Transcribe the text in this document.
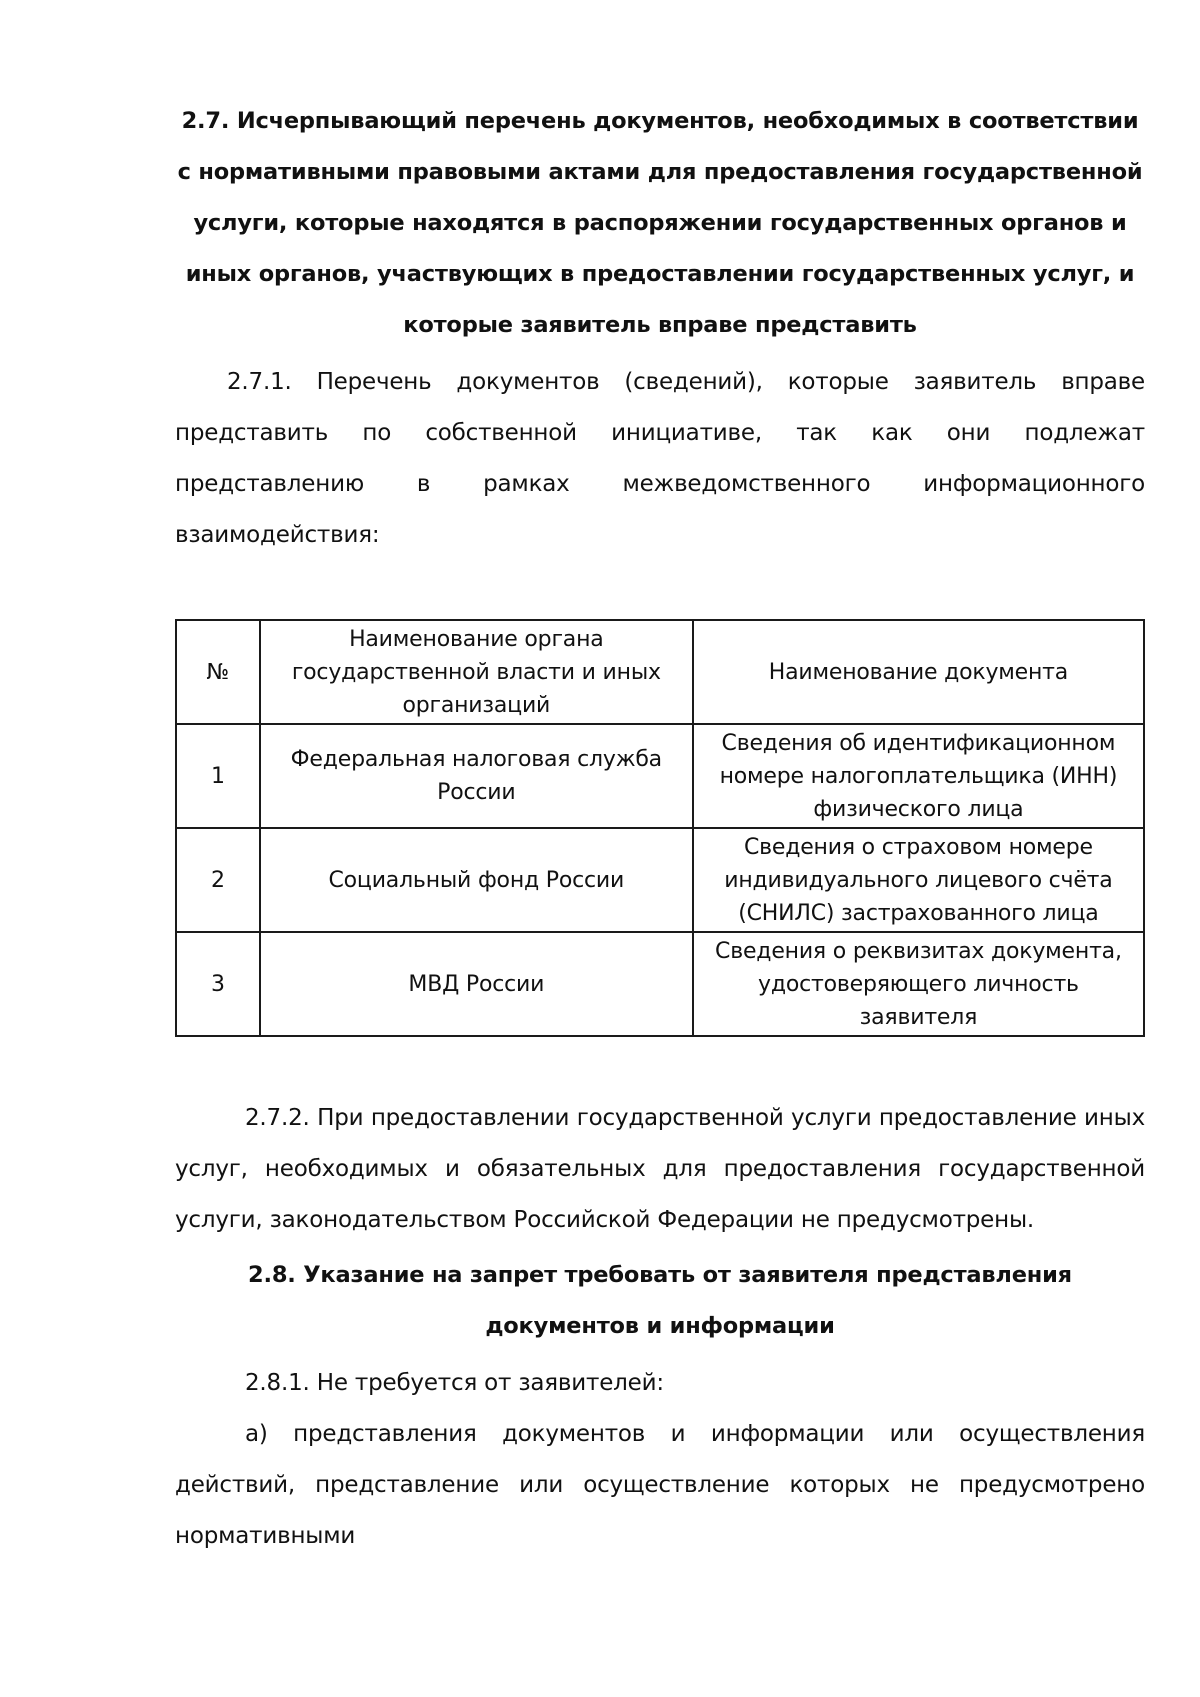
2.7. Исчерпывающий перечень документов, необходимых в соответствии с нормативными правовыми актами для предоставления государственной услуги, которые находятся в распоряжении государственных органов и иных органов, участвующих в предоставлении государственных услуг, и которые заявитель вправе представить

2.7.1. Перечень документов (сведений), которые заявитель вправе представить по собственной инициативе, так как они подлежат представлению в рамках межведомственного информационного взаимодействия:

№	Наименование органа государственной власти и иных организаций	Наименование документа
1	Федеральная налоговая служба России	Сведения об идентификационном номере налогоплательщика (ИНН) физического лица
2	Социальный фонд России	Сведения о страховом номере индивидуального лицевого счёта (СНИЛС) застрахованного лица
3	МВД России	Сведения о реквизитах документа, удостоверяющего личность заявителя

2.7.2. При предоставлении государственной услуги предоставление иных услуг, необходимых и обязательных для предоставления государственной услуги, законодательством Российской Федерации не предусмотрены.

2.8. Указание на запрет требовать от заявителя представления документов и информации

2.8.1. Не требуется от заявителей:

а) представления документов и информации или осуществления действий, представление или осуществление которых не предусмотрено нормативными
